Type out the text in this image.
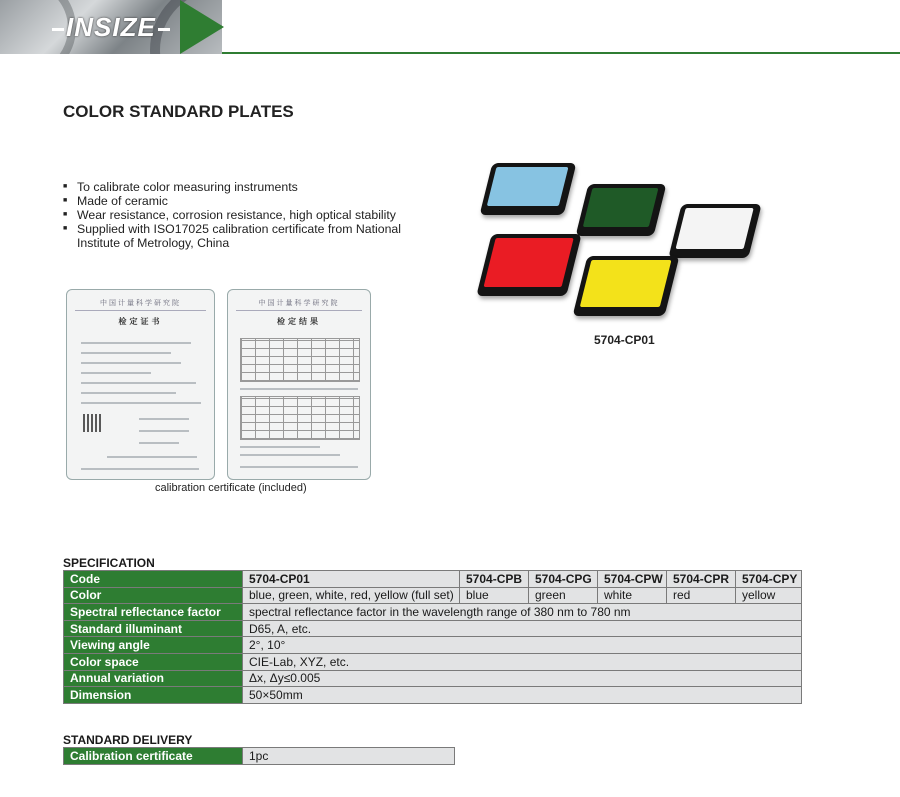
INSIZE
COLOR STANDARD PLATES
■ To calibrate color measuring instruments
■ Made of ceramic
■ Wear resistance, corrosion resistance, high optical stability
■ Supplied with ISO17025 calibration certificate from National Institute of Metrology, China
5704-CP01
中国计量科学研究院
检定证书
中国计量科学研究院
检定结果
calibration certificate (included)
SPECIFICATION
Code	5704-CP01	5704-CPB	5704-CPG	5704-CPW	5704-CPR	5704-CPY
Color	blue, green, white, red, yellow (full set)	blue	green	white	red	yellow
Spectral reflectance factor	spectral reflectance factor in the wavelength range of 380 nm to 780 nm					
Standard illuminant	D65, A, etc.					
Viewing angle	2°, 10°					
Color space	CIE-Lab, XYZ, etc.					
Annual variation	Δx, Δy≤0.005					
Dimension	50×50mm					
STANDARD DELIVERY
Calibration certificate	1pc
